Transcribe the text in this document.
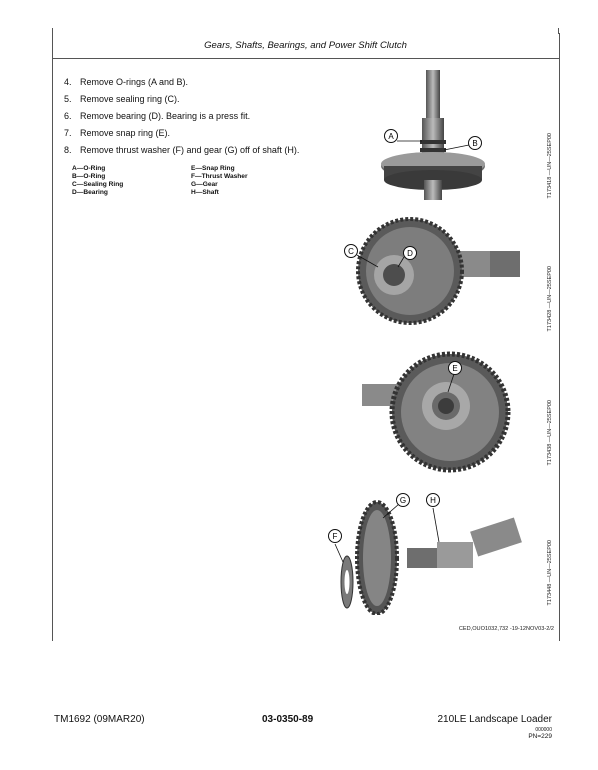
Gears, Shafts, Bearings, and Power Shift Clutch
4. Remove O-rings (A and B).
5. Remove sealing ring (C).
6. Remove bearing (D). Bearing is a press fit.
7. Remove snap ring (E).
8. Remove thrust washer (F) and gear (G) off of shaft (H).
A—O-Ring
B—O-Ring
C—Sealing Ring
D—Bearing
E—Snap Ring
F—Thrust Washer
G—Gear
H—Shaft
A
B	T173418 —UN—25SEP00
C	D
T173428 —UN—25SEP00
E
T173438 —UN—25SEP00
F
G	H
T173448 —UN—25SEP00
CED,OUO1032,732 -19-12NOV03-2/2
TM1692 (09MAR20)	03-0350-89	210LE Landscape Loader
000000
PN=229
